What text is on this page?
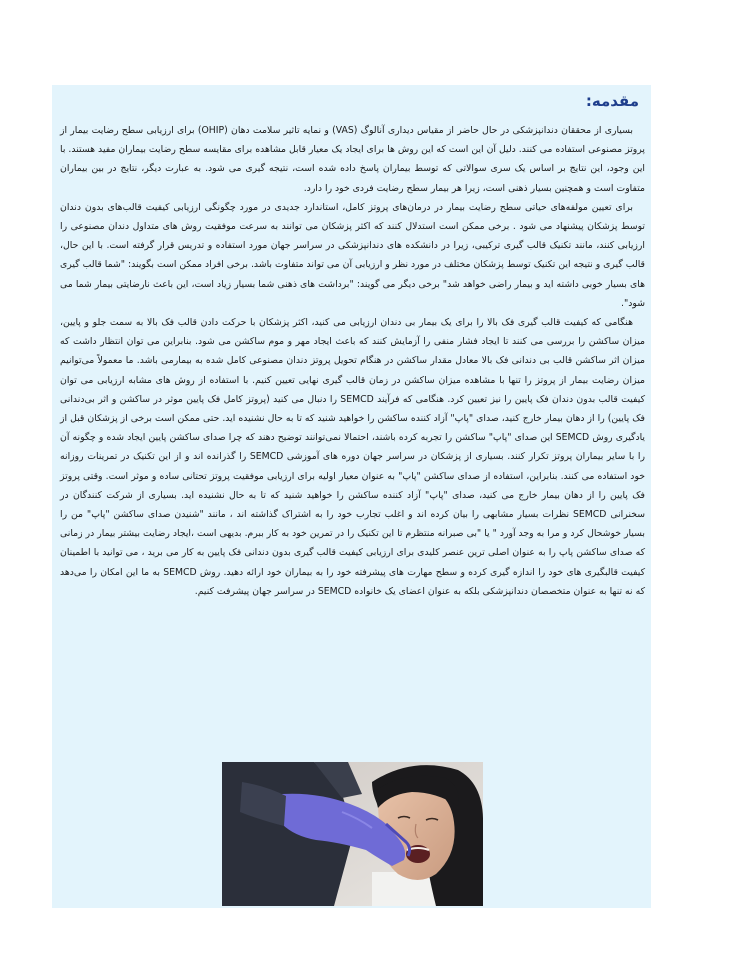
مقدمه:

بسیاری از محققان دندانپزشکی در حال حاضر از مقیاس دیداری آنالوگ (VAS) و نمایه تاثیر سلامت دهان (OHIP) برای ارزیابی سطح رضایت بیمار از پروتز مصنوعی استفاده می کنند. دلیل آن این است که این روش ها برای ایجاد یک معیار قابل مشاهده برای مقایسه سطح رضایت بیماران مفید هستند. با این وجود، این نتایج بر اساس یک سری سوالاتی که توسط بیماران پاسخ داده شده است، نتیجه گیری می شود. به عبارت دیگر، نتایج در بین بیماران متفاوت است و همچنین بسیار ذهنی است، زیرا هر بیمار سطح رضایت فردی خود را دارد.

برای تعیین مولفه‌های حیاتی سطح رضایت بیمار در درمان‌های پروتز کامل، استاندارد جدیدی در مورد چگونگی ارزیابی کیفیت قالب‌های بدون دندان توسط پزشکان پیشنهاد می شود . برخی ممکن است استدلال کنند که اکثر پزشکان می توانند به سرعت موفقیت روش های متداول دندان مصنوعی را ارزیابی کنند، مانند تکنیک قالب گیری ترکیبی، زیرا در دانشکده های دندانپزشکی در سراسر جهان مورد استفاده و تدریس قرار گرفته است. با این حال، قالب گیری و نتیجه این تکنیک توسط پزشکان مختلف در مورد نظر و ارزیابی آن می تواند متفاوت باشد. برخی افراد ممکن است بگویند: "شما قالب گیری های بسیار خوبی داشته اید و بیمار راضی خواهد شد" برخی دیگر می گویند: "برداشت های ذهنی شما بسیار زیاد است، این باعث نارضایتی بیمار شما می شود".

هنگامی که کیفیت قالب گیری فک بالا را برای یک بیمار بی دندان ارزیابی می کنید، اکثر پزشکان با حرکت دادن قالب فک بالا به سمت جلو و پایین، میزان ساکشن را بررسی می کنند تا ایجاد فشار منفی را آزمایش کنند که باعث ایجاد مهر و موم ساکشن می شود. بنابراین می توان انتظار داشت که میزان اثر ساکشن قالب بی دندانی فک بالا معادل مقدار ساکشن در هنگام تحویل پروتز دندان مصنوعی کامل شده به بیمارمی باشد. ما معمولاً می‌توانیم میزان رضایت بیمار از پروتز را تنها با مشاهده میزان ساکشن در زمان قالب گیری نهایی تعیین کنیم. با استفاده از روش های مشابه ارزیابی می توان کیفیت قالب بدون دندان فک پایین را نیز تعیین کرد. هنگامی که فرآیند SEMCD را دنبال می کنید (پروتز کامل فک پایین موثر در ساکشن و اثر بی‌دندانی فک پایین) را از دهان بیمار خارج کنید، صدای "پاپ" آزاد کننده ساکشن را خواهید شنید که تا به حال نشنیده اید. حتی ممکن است برخی از پزشکان قبل از یادگیری روش SEMCD این صدای "پاپ" ساکشن را تجربه کرده باشند، احتمالا نمی‌توانند توضیح دهند که چرا صدای ساکشن پایین ایجاد شده و چگونه آن را با سایر بیماران پروتز تکرار کنند. بسیاری از پزشکان در سراسر جهان دوره های آموزشی SEMCD را گذرانده اند و از این تکنیک در تمرینات روزانه خود استفاده می کنند. بنابراین، استفاده از صدای ساکشن "پاپ" به عنوان معیار اولیه برای ارزیابی موفقیت پروتز تحتانی ساده و موثر است. وقتی پروتز فک پایین را از دهان بیمار خارج می کنید، صدای "پاپ" آزاد کننده ساکشن را خواهید شنید که تا به حال نشنیده اید. بسیاری از شرکت کنندگان در سخنرانی SEMCD نظرات بسیار مشابهی را بیان کرده اند و اغلب تجارب خود را به اشتراک گذاشته اند ، مانند "شنیدن صدای ساکشن "پاپ" من را بسیار خوشحال کرد و مرا به وجد آورد " یا "بی صبرانه منتظرم تا این تکنیک را در تمرین خود به کار ببرم. بدیهی است ،ایجاد رضایت بیشتر بیمار در زمانی که صدای ساکشن پاپ را به عنوان اصلی ترین عنصر کلیدی برای ارزیابی کیفیت قالب گیری بدون دندانی فک پایین به کار می برید ، می توانید با اطمینان کیفیت قالبگیری های خود را اندازه گیری کرده و سطح مهارت های پیشرفته خود را به بیماران خود ارائه دهید. روش SEMCD به ما این امکان را می‌دهد که نه تنها به عنوان متخصصان دندانپزشکی بلکه به عنوان اعضای یک خانواده SEMCD در سراسر جهان پیشرفت کنیم.
